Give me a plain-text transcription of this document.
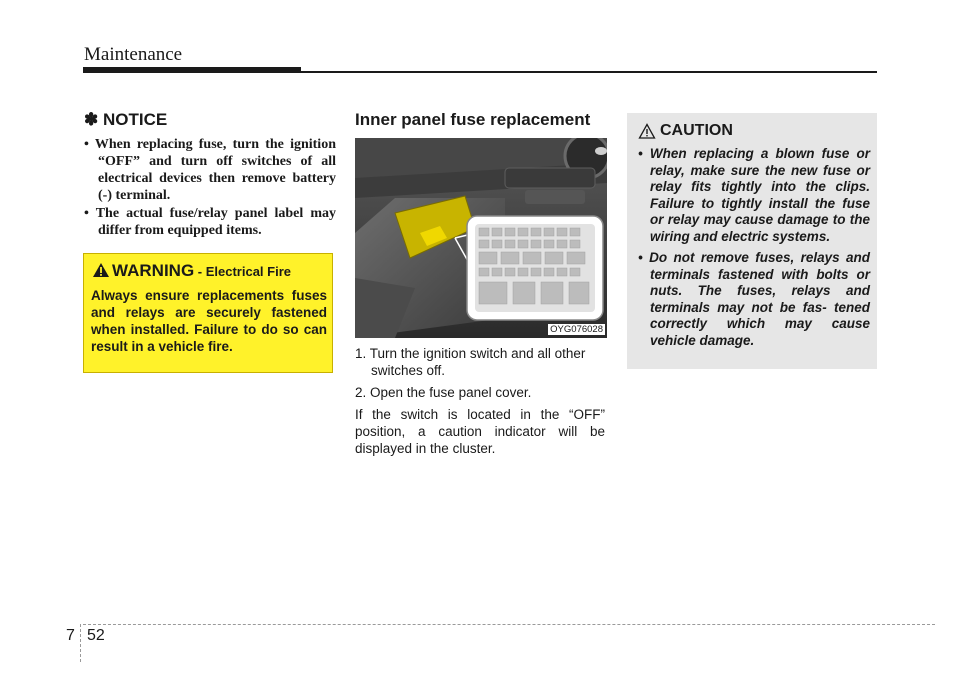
Maintenance
✽ NOTICE
• When replacing fuse, turn the ignition “OFF” and turn off switches of all electrical devices then remove battery (-) terminal.
• The actual fuse/relay panel label may differ from equipped items.
WARNING - Electrical Fire
Always ensure replacements fuses and relays are securely fastened when installed. Failure to do so can result in a vehicle fire.
Inner panel fuse replacement
OYG076028

1. Turn the ignition switch and all other switches off.

2. Open the fuse panel cover.

If the switch is located in the “OFF” position, a caution indicator will be displayed in the cluster.

CAUTION
• When replacing a blown fuse or relay, make sure the new fuse or relay fits tightly into the clips. Failure to tightly install the fuse or relay may cause damage to the wiring and electric systems.
• Do not remove fuses, relays and terminals fastened with bolts or nuts. The fuses, relays and terminals may not be fas- tened correctly which may cause vehicle damage.
7 52
